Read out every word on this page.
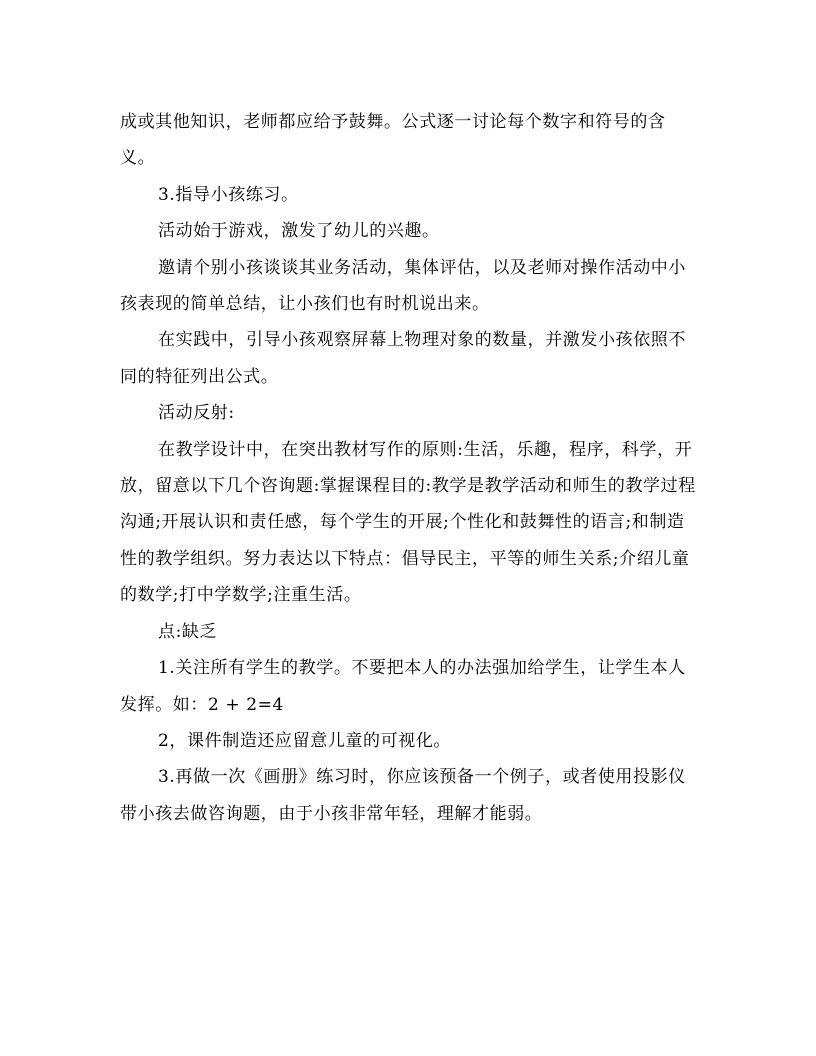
成或其他知识，老师都应给予鼓舞。公式逐一讨论每个数字和符号的含义。

3.指导小孩练习。

活动始于游戏，激发了幼儿的兴趣。

邀请个别小孩谈谈其业务活动，集体评估，以及老师对操作活动中小孩表现的简单总结，让小孩们也有时机说出来。

在实践中，引导小孩观察屏幕上物理对象的数量，并激发小孩依照不同的特征列出公式。

活动反射:

在教学设计中，在突出教材写作的原则:生活，乐趣，程序，科学，开放，留意以下几个咨询题:掌握课程目的:教学是教学活动和师生的教学过程沟通;开展认识和责任感，每个学生的开展;个性化和鼓舞性的语言;和制造性的教学组织。努力表达以下特点：倡导民主，平等的师生关系;介绍儿童的数学;打中学数学;注重生活。

点:缺乏

1.关注所有学生的教学。不要把本人的办法强加给学生，让学生本人发挥。如：2 + 2=4

2，课件制造还应留意儿童的可视化。

3.再做一次《画册》练习时，你应该预备一个例子，或者使用投影仪带小孩去做咨询题，由于小孩非常年轻，理解才能弱。
